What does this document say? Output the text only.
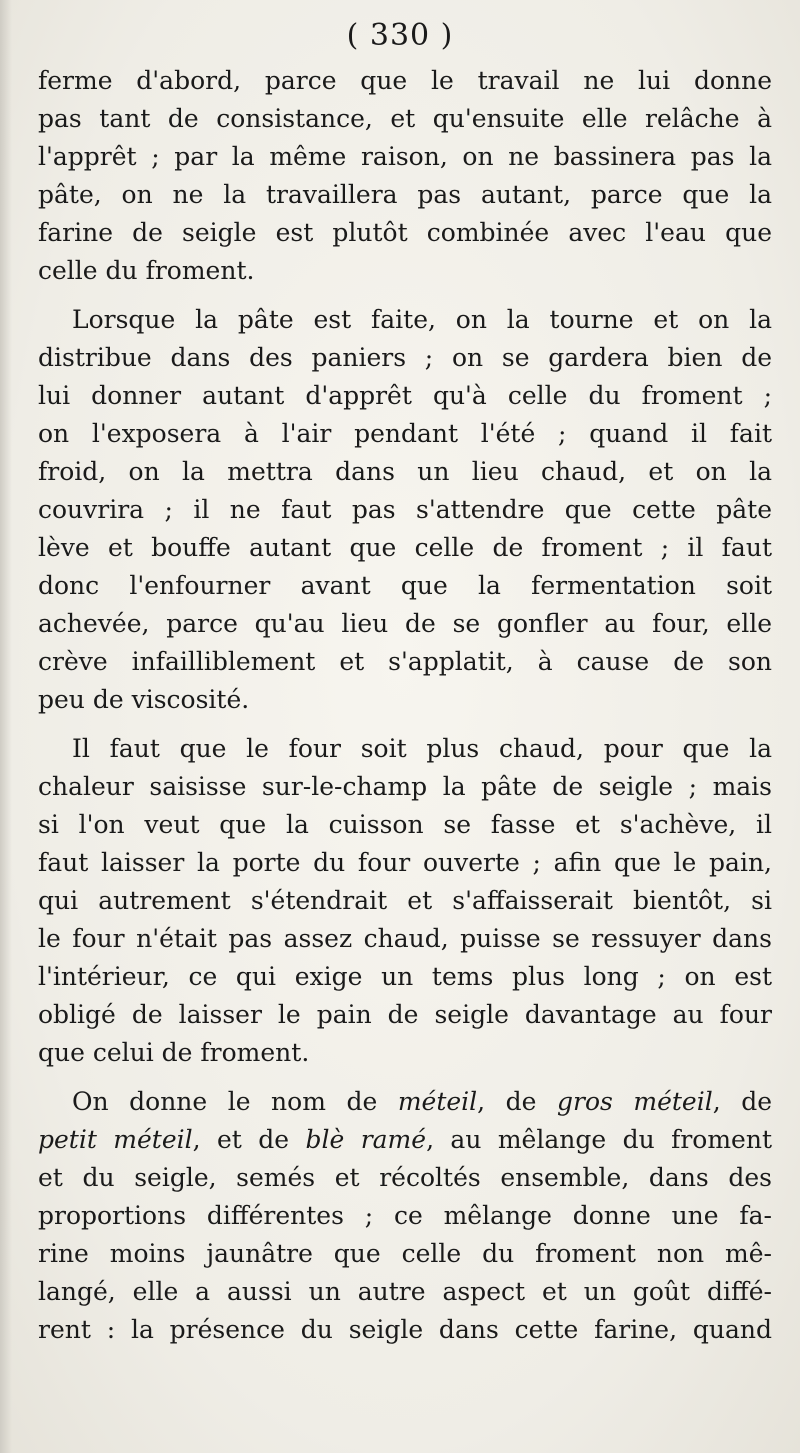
( 330 )
ferme d'abord, parce que le travail ne lui donne
pas tant de consistance, et qu'ensuite elle relâche à
l'apprêt ; par la même raison, on ne bassinera pas la
pâte, on ne la travaillera pas autant, parce que la
farine de seigle est plutôt combinée avec l'eau que
celle du froment.
Lorsque la pâte est faite, on la tourne et on la
distribue dans des paniers ; on se gardera bien de
lui donner autant d'apprêt qu'à celle du froment ;
on l'exposera à l'air pendant l'été ; quand il fait
froid, on la mettra dans un lieu chaud, et on la
couvrira ; il ne faut pas s'attendre que cette pâte
lève et bouffe autant que celle de froment ; il faut
donc l'enfourner avant que la fermentation soit
achevée, parce qu'au lieu de se gonfler au four, elle
crève infailliblement et s'applatit, à cause de son
peu de viscosité.
Il faut que le four soit plus chaud, pour que la
chaleur saisisse sur-le-champ la pâte de seigle ; mais
si l'on veut que la cuisson se fasse et s'achève, il
faut laisser la porte du four ouverte ; afin que le pain,
qui autrement s'étendrait et s'affaisserait bientôt, si
le four n'était pas assez chaud, puisse se ressuyer dans
l'intérieur, ce qui exige un tems plus long ; on est
obligé de laisser le pain de seigle davantage au four
que celui de froment.
On donne le nom de méteil, de gros méteil, de
petit méteil, et de blè ramé, au mêlange du froment
et du seigle, semés et récoltés ensemble, dans des
proportions différentes ; ce mêlange donne une fa-
rine moins jaunâtre que celle du froment non mê-
langé, elle a aussi un autre aspect et un goût diffé-
rent : la présence du seigle dans cette farine, quand
